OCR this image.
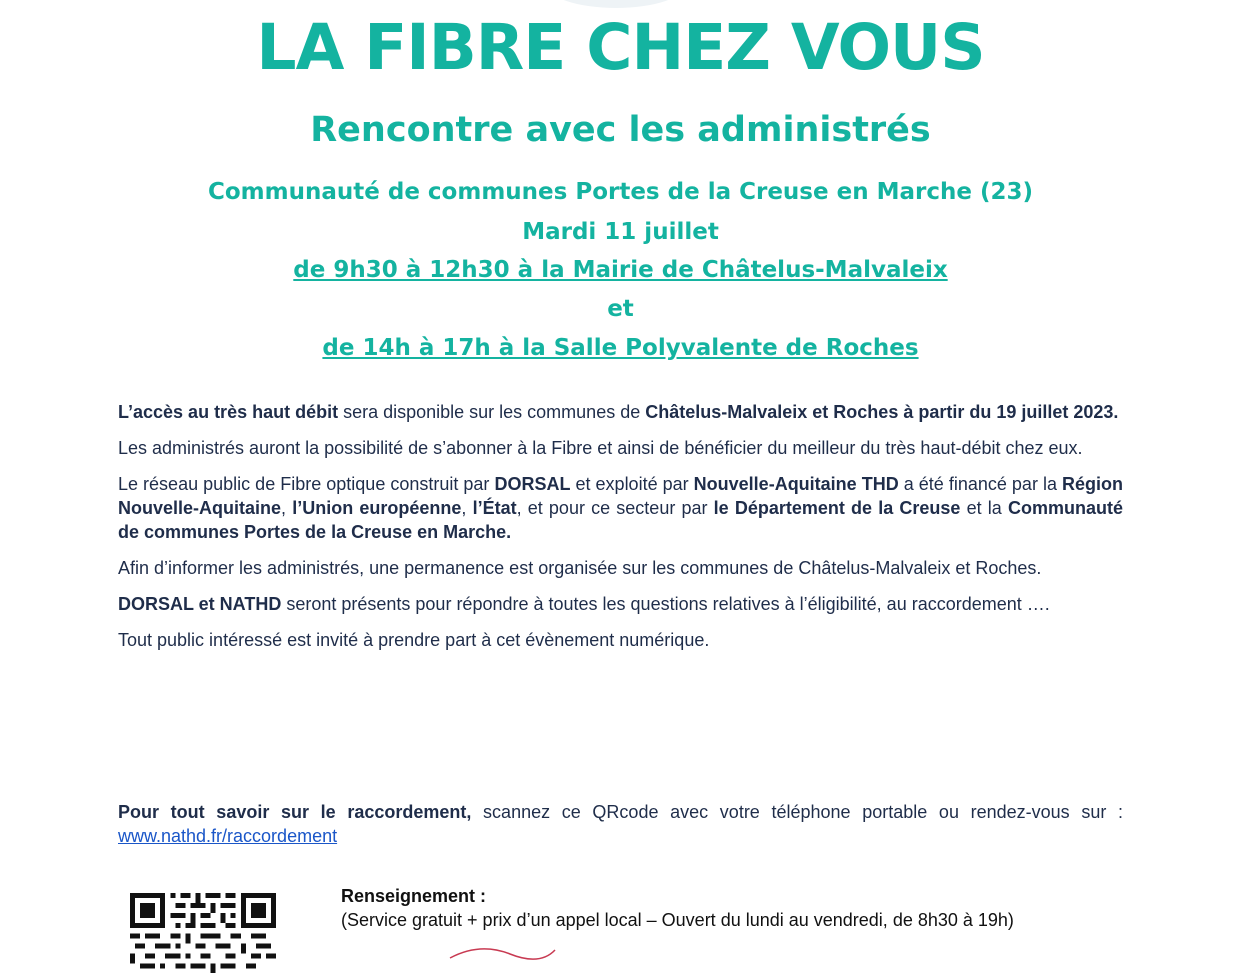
LA FIBRE CHEZ VOUS
Rencontre avec les administrés
Communauté de communes Portes de la Creuse en Marche (23)
Mardi 11 juillet
de 9h30 à 12h30 à la Mairie de Châtelus-Malvaleix
et
de 14h à 17h à la Salle Polyvalente de Roches

L’accès au très haut débit sera disponible sur les communes de Châtelus-Malvaleix et Roches à partir du 19 juillet 2023.

Les administrés auront la possibilité de s’abonner à la Fibre et ainsi de bénéficier du meilleur du très haut-débit chez eux.

Le réseau public de Fibre optique construit par DORSAL et exploité par Nouvelle-Aquitaine THD a été financé par la Région Nouvelle-Aquitaine, l’Union européenne, l’État, et pour ce secteur par le Département de la Creuse et la Communauté de communes Portes de la Creuse en Marche.

Afin d’informer les administrés, une permanence est organisée sur les communes de Châtelus-Malvaleix et Roches.

DORSAL et NATHD seront présents pour répondre à toutes les questions relatives à l’éligibilité, au raccordement ….

Tout public intéressé est invité à prendre part à cet évènement numérique.

Pour tout savoir sur le raccordement, scannez ce QRcode avec votre téléphone portable ou rendez-vous sur : www.nathd.fr/raccordement
Renseignement :
(Service gratuit + prix d’un appel local – Ouvert du lundi au vendredi, de 8h30 à 19h)
